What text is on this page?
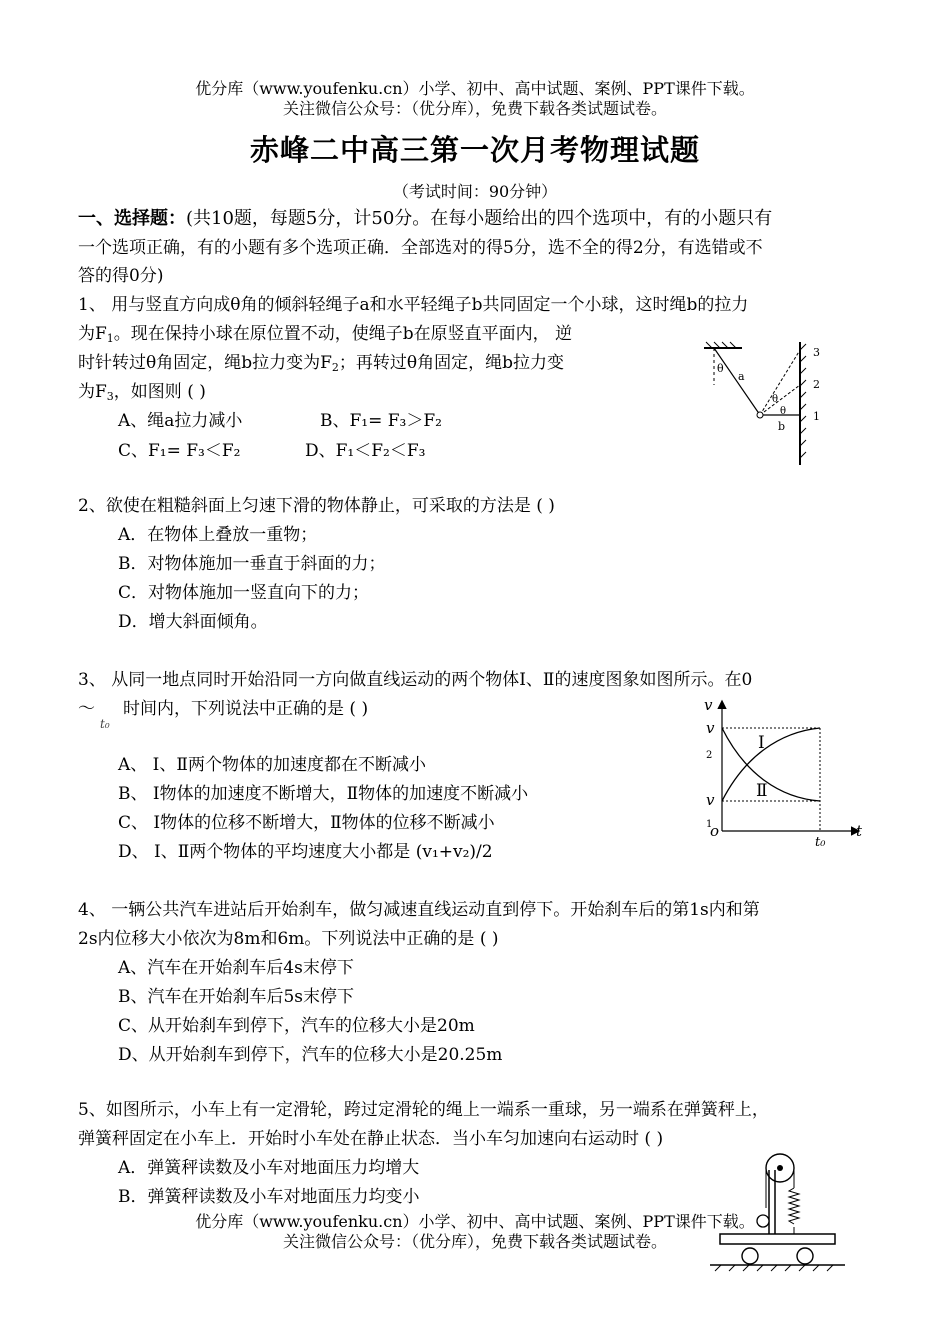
优分库（www.youfenku.cn）小学、初中、高中试题、案例、PPT课件下载。
关注微信公众号：（优分库），免费下载各类试题试卷。
赤峰二中高三第一次月考物理试题
（考试时间：90分钟）
一、选择题：(共10题，每题5分，计50分。在每小题给出的四个选项中，有的小题只有
一个选项正确，有的小题有多个选项正确．全部选对的得5分，选不全的得2分，有选错或不
答的得0分)
1、 用与竖直方向成θ角的倾斜轻绳子a和水平轻绳子b共同固定一个小球，这时绳b的拉力
为$F_1$。现在保持小球在原位置不动，使绳子b在原竖直平面内， 逆
时针转过θ角固定，绳b拉力变为$F_2$；再转过θ角固定，绳b拉力变
为$F_3$，如图则 ( )
A、绳a拉力减小	B、F₁= F₃＞F₂
C、F₁= F₃＜F₂	D、F₁＜F₂＜F₃
θ
a
θ
θ
b
1
2
3
2、欲使在粗糙斜面上匀速下滑的物体静止，可采取的方法是 ( )
A．在物体上叠放一重物；
B．对物体施加一垂直于斜面的力；
C．对物体施加一竖直向下的力；
D．增大斜面倾角。
3、 从同一地点同时开始沿同一方向做直线运动的两个物体Ⅰ、Ⅱ的速度图象如图所示。在0
～ 时间内，下列说法中正确的是 ( )
t₀
A、 Ⅰ、Ⅱ两个物体的加速度都在不断减小
B、 Ⅰ物体的加速度不断增大，Ⅱ物体的加速度不断减小
C、 Ⅰ物体的位移不断增大，Ⅱ物体的位移不断减小
D、 Ⅰ、Ⅱ两个物体的平均速度大小都是 (v₁+v₂)/2
v
v
2
v
1
o	t
t₀
Ⅰ
Ⅱ
4、 一辆公共汽车进站后开始刹车，做匀减速直线运动直到停下。开始刹车后的第1s内和第
2s内位移大小依次为8m和6m。下列说法中正确的是 ( )
A、汽车在开始刹车后4s末停下
B、汽车在开始刹车后5s末停下
C、从开始刹车到停下，汽车的位移大小是20m
D、从开始刹车到停下，汽车的位移大小是20.25m
5、如图所示，小车上有一定滑轮，跨过定滑轮的绳上一端系一重球，另一端系在弹簧秤上，
弹簧秤固定在小车上．开始时小车处在静止状态．当小车匀加速向右运动时 ( )
A．弹簧秤读数及小车对地面压力均增大
B．弹簧秤读数及小车对地面压力均变小
优分库（www.youfenku.cn）小学、初中、高中试题、案例、PPT课件下载。
关注微信公众号：（优分库），免费下载各类试题试卷。
